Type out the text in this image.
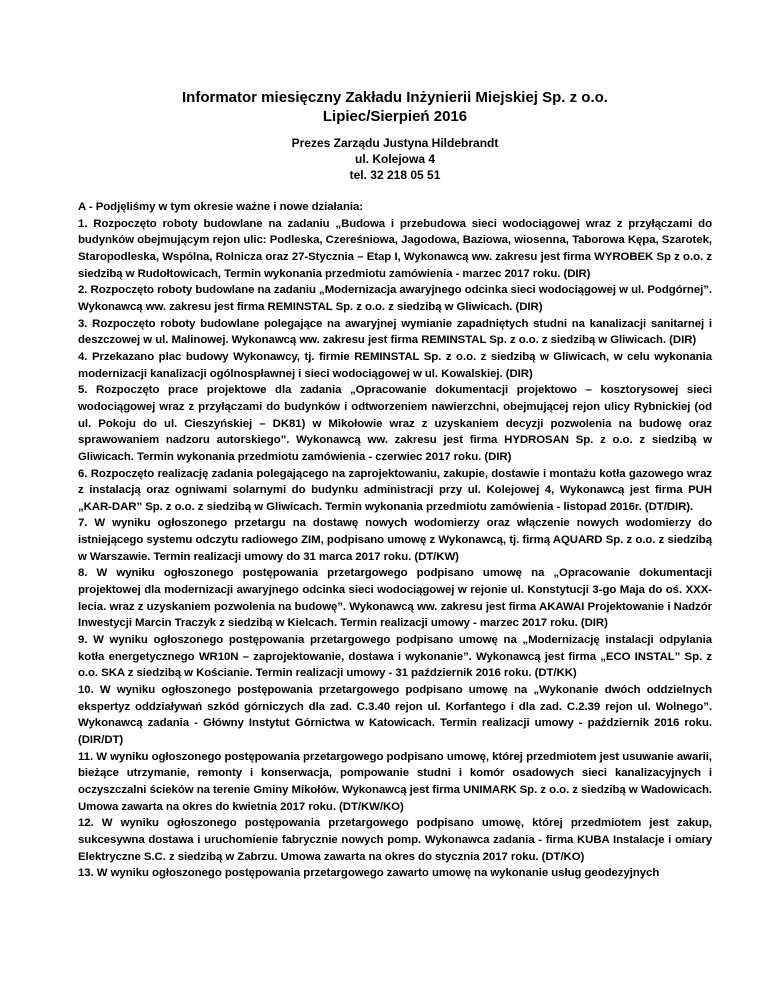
Informator miesięczny Zakładu Inżynierii Miejskiej Sp. z o.o.
Lipiec/Sierpień 2016
Prezes Zarządu Justyna Hildebrandt
ul. Kolejowa 4
tel. 32 218 05 51

A - Podjęliśmy w tym okresie ważne i nowe działania:

1. Rozpoczęto roboty budowlane na zadaniu „Budowa i przebudowa sieci wodociągowej wraz z przyłączami do budynków obejmującym rejon ulic: Podleska, Czereśniowa, Jagodowa, Baziowa, wiosenna, Taborowa Kępa, Szarotek, Staropodleska, Wspólna, Rolnicza oraz 27-Stycznia – Etap I, Wykonawcą ww. zakresu jest firma WYROBEK Sp z o.o. z siedzibą w Rudołtowicach, Termin wykonania przedmiotu zamówienia - marzec 2017 roku. (DIR)

2. Rozpoczęto roboty budowlane na zadaniu „Modernizacja awaryjnego odcinka sieci wodociągowej w ul. Podgórnej”. Wykonawcą ww. zakresu jest firma REMINSTAL Sp. z o.o. z siedzibą w Gliwicach. (DIR)

3. Rozpoczęto roboty budowlane polegające na awaryjnej wymianie zapadniętych studni na kanalizacji sanitarnej i deszczowej w ul. Malinowej. Wykonawcą ww. zakresu jest firma REMINSTAL Sp. z o.o. z siedzibą w Gliwicach. (DIR)

4. Przekazano plac budowy Wykonawcy, tj. firmie REMINSTAL Sp. z o.o. z siedzibą w Gliwicach, w celu wykonania modernizacji kanalizacji ogólnospławnej i sieci wodociągowej w ul. Kowalskiej. (DIR)

5. Rozpoczęto prace projektowe dla zadania „Opracowanie dokumentacji projektowo – kosztorysowej sieci wodociągowej wraz z przyłączami do budynków i odtworzeniem nawierzchni, obejmującej rejon ulicy Rybnickiej (od ul. Pokoju do ul. Cieszyńskiej – DK81) w Mikołowie wraz z uzyskaniem decyzji pozwolenia na budowę oraz sprawowaniem nadzoru autorskiego”. Wykonawcą ww. zakresu jest firma HYDROSAN Sp. z o.o. z siedzibą w Gliwicach. Termin wykonania przedmiotu zamówienia - czerwiec 2017 roku. (DIR)

6. Rozpoczęto realizację zadania polegającego na zaprojektowaniu, zakupie, dostawie i montażu kotła gazowego wraz z instalacją oraz ogniwami solarnymi do budynku administracji przy ul. Kolejowej 4, Wykonawcą jest firma PUH „KAR-DAR” Sp. z o.o. z siedzibą w Gliwicach. Termin wykonania przedmiotu zamówienia - listopad 2016r. (DT/DIR).

7. W wyniku ogłoszonego przetargu na dostawę nowych wodomierzy oraz włączenie nowych wodomierzy do istniejącego systemu odczytu radiowego ZIM, podpisano umowę z Wykonawcą, tj. firmą AQUARD Sp. z o.o. z siedzibą w Warszawie. Termin realizacji umowy do 31 marca 2017 roku. (DT/KW)

8. W wyniku ogłoszonego postępowania przetargowego podpisano umowę na „Opracowanie dokumentacji projektowej dla modernizacji awaryjnego odcinka sieci wodociągowej w rejonie ul. Konstytucji 3-go Maja do oś. XXX-lecia. wraz z uzyskaniem pozwolenia na budowę”. Wykonawcą ww. zakresu jest firma AKAWAI Projektowanie i Nadzór Inwestycji Marcin Traczyk z siedzibą w Kielcach. Termin realizacji umowy - marzec 2017 roku. (DIR)

9. W wyniku ogłoszonego postępowania przetargowego podpisano umowę na „Modernizację instalacji odpylania kotła energetycznego WR10N – zaprojektowanie, dostawa i wykonanie”. Wykonawcą jest firma „ECO INSTAL” Sp. z o.o. SKA z siedzibą w Kościanie. Termin realizacji umowy - 31 październik 2016 roku. (DT/KK)

10. W wyniku ogłoszonego postępowania przetargowego podpisano umowę na „Wykonanie dwóch oddzielnych ekspertyz oddziaływań szkód górniczych dla zad. C.3.40 rejon ul. Korfantego i dla zad. C.2.39 rejon ul. Wolnego”. Wykonawcą zadania - Główny Instytut Górnictwa w Katowicach. Termin realizacji umowy - październik 2016 roku. (DIR/DT)

11. W wyniku ogłoszonego postępowania przetargowego podpisano umowę, której przedmiotem jest usuwanie awarii, bieżące utrzymanie, remonty i konserwacja, pompowanie studni i komór osadowych sieci kanalizacyjnych i oczyszczalni ścieków na terenie Gminy Mikołów. Wykonawcą jest firma UNIMARK Sp. z o.o. z siedzibą w Wadowicach. Umowa zawarta na okres do kwietnia 2017 roku. (DT/KW/KO)

12. W wyniku ogłoszonego postępowania przetargowego podpisano umowę, której przedmiotem jest zakup, sukcesywna dostawa i uruchomienie fabrycznie nowych pomp. Wykonawca zadania - firma KUBA Instalacje i omiary Elektryczne S.C. z siedzibą w Zabrzu. Umowa zawarta na okres do stycznia 2017 roku. (DT/KO)

13. W wyniku ogłoszonego postępowania przetargowego zawarto umowę na wykonanie usług geodezyjnych
